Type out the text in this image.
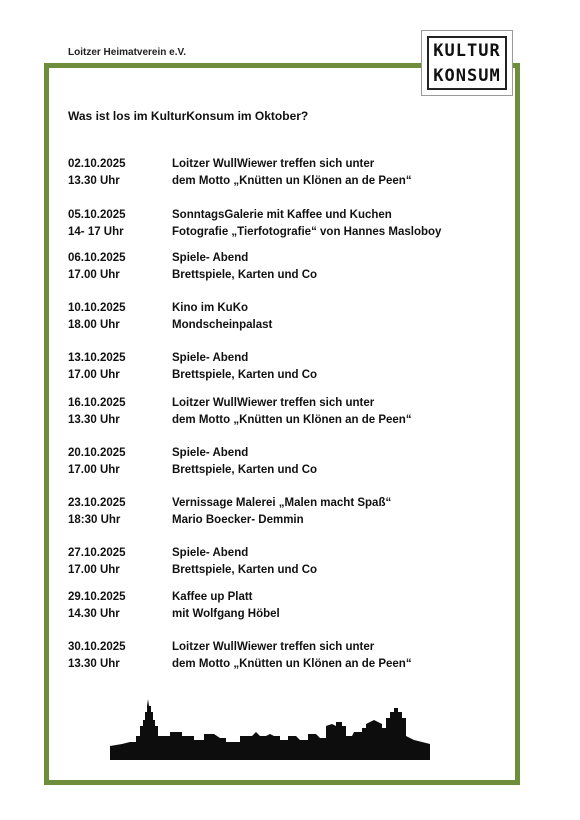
Loitzer Heimatverein e.V.	KULTUR
KONSUM
Was ist los im KulturKonsum im Oktober?
02.10.2025	Loitzer WullWiewer treffen sich unter
13.30 Uhr	dem Motto „Knütten un Klönen an de Peen“
05.10.2025	SonntagsGalerie mit Kaffee und Kuchen
14- 17 Uhr	Fotografie „Tierfotografie“ von Hannes Masloboy
06.10.2025	Spiele- Abend
17.00 Uhr	Brettspiele, Karten und Co
10.10.2025	Kino im KuKo
18.00 Uhr	Mondscheinpalast
13.10.2025	Spiele- Abend
17.00 Uhr	Brettspiele, Karten und Co
16.10.2025	Loitzer WullWiewer treffen sich unter
13.30 Uhr	dem Motto „Knütten un Klönen an de Peen“
20.10.2025	Spiele- Abend
17.00 Uhr	Brettspiele, Karten und Co
23.10.2025	Vernissage Malerei „Malen macht Spaß“
18:30 Uhr	Mario Boecker- Demmin
27.10.2025	Spiele- Abend
17.00 Uhr	Brettspiele, Karten und Co
29.10.2025	Kaffee up Platt
14.30 Uhr	mit Wolfgang Höbel
30.10.2025	Loitzer WullWiewer treffen sich unter
13.30 Uhr	dem Motto „Knütten un Klönen an de Peen“
